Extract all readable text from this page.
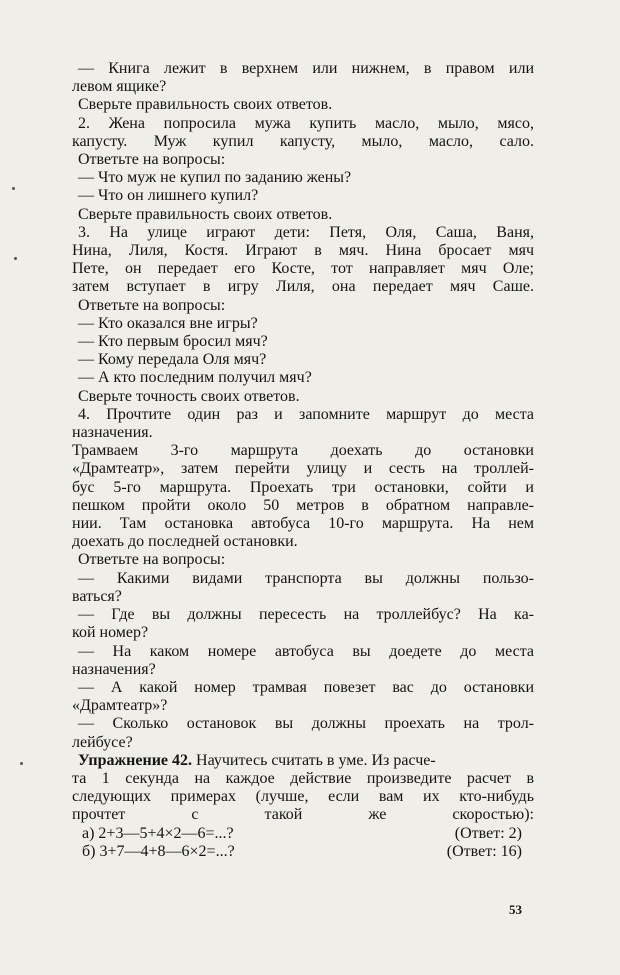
— Книга лежит в верхнем или нижнем, в правом или
левом ящике?
Сверьте правильность своих ответов.
2. Жена попросила мужа купить масло, мыло, мясо,
капусту. Муж купил капусту, мыло, масло, сало.
Ответьте на вопросы:
— Что муж не купил по заданию жены?
— Что он лишнего купил?
Сверьте правильность своих ответов.
3. На улице играют дети: Петя, Оля, Саша, Ваня,
Нина, Лиля, Костя. Играют в мяч. Нина бросает мяч
Пете, он передает его Косте, тот направляет мяч Оле;
затем вступает в игру Лиля, она передает мяч Саше.
Ответьте на вопросы:
— Кто оказался вне игры?
— Кто первым бросил мяч?
— Кому передала Оля мяч?
— А кто последним получил мяч?
Сверьте точность своих ответов.
4. Прочтите один раз и запомните маршрут до места
назначения.
Трамваем 3-го маршрута доехать до остановки
«Драмтеатр», затем перейти улицу и сесть на троллей-
бус 5-го маршрута. Проехать три остановки, сойти и
пешком пройти около 50 метров в обратном направле-
нии. Там остановка автобуса 10-го маршрута. На нем
доехать до последней остановки.
Ответьте на вопросы:
— Какими видами транспорта вы должны пользо-
ваться?
— Где вы должны пересесть на троллейбус? На ка-
кой номер?
— На каком номере автобуса вы доедете до места
назначения?
— А какой номер трамвая повезет вас до остановки
«Драмтеатр»?
— Сколько остановок вы должны проехать на трол-
лейбусе?
Упражнение 42. Научитесь считать в уме. Из расче-
та 1 секунда на каждое действие произведите расчет в
следующих примерах (лучше, если вам их кто-нибудь
прочтет с такой же скоростью):
а) 2+3—5+4×2—6=...?	(Ответ: 2)
б) 3+7—4+8—6×2=...?	(Ответ: 16)
53
